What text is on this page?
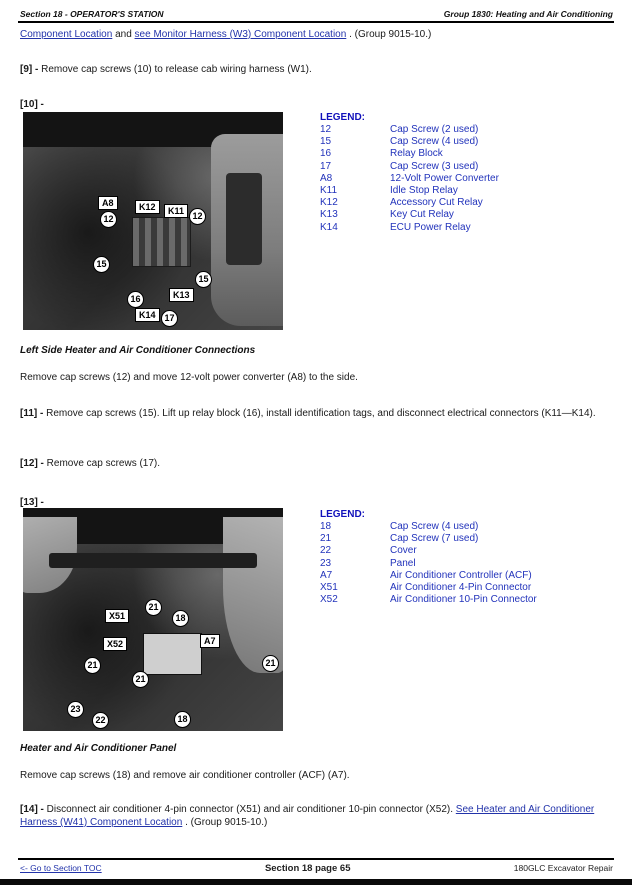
Section 18 - OPERATOR'S STATION	Group 1830: Heating and Air Conditioning
Component Location and see Monitor Harness (W3) Component Location . (Group 9015-10.)
[9] - Remove cap screws (10) to release cab wiring harness (W1).
[10] -
A8
12
K12	K11 12
15
15
16	K13
K14 17
LEGEND:
12	Cap Screw (2 used)
15	Cap Screw (4 used)
16	Relay Block
17	Cap Screw (3 used)
A8	12-Volt Power Converter
K11	Idle Stop Relay
K12	Accessory Cut Relay
K13	Key Cut Relay
K14	ECU Power Relay
Left Side Heater and Air Conditioner Connections
Remove cap screws (12) and move 12-volt power converter (A8) to the side.
[11] - Remove cap screws (15). Lift up relay block (16), install identification tags, and disconnect electrical connectors (K11—K14).
[12] - Remove cap screws (17).
[13] -
X51
21
18
X52	A7
21	21
21
23
22	18
LEGEND:
18	Cap Screw (4 used)
21	Cap Screw (7 used)
22	Cover
23	Panel
A7	Air Conditioner Controller (ACF)
X51	Air Conditioner 4-Pin Connector
X52	Air Conditioner 10-Pin Connector
Heater and Air Conditioner Panel
Remove cap screws (18) and remove air conditioner controller (ACF) (A7).
[14] - Disconnect air conditioner 4-pin connector (X51) and air conditioner 10-pin connector (X52). See Heater and Air Conditioner Harness (W41) Component Location . (Group 9015-10.)
<- Go to Section TOC	Section 18 page 65	180GLC Excavator Repair
